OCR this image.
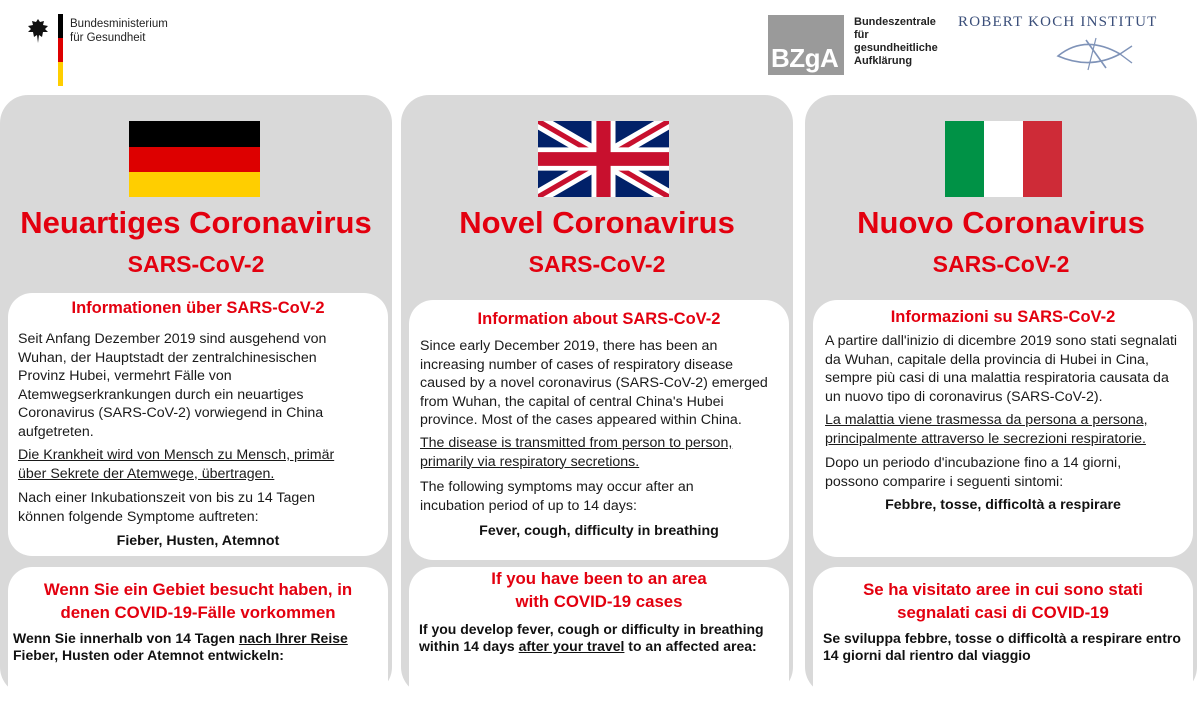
Bundesministerium
für Gesundheit
BZgA
Bundeszentrale
für
gesundheitliche
Aufklärung
ROBERT KOCH INSTITUT
Neuartiges Coronavirus
SARS-CoV-2
Informationen über SARS-CoV-2

Seit Anfang Dezember 2019 sind ausgehend von Wuhan, der Hauptstadt der zentralchinesischen Provinz Hubei, vermehrt Fälle von Atemwegserkrankungen durch ein neuartiges Coronavirus (SARS-CoV-2) vorwiegend in China aufgetreten.

Die Krankheit wird von Mensch zu Mensch, primär über Sekrete der Atemwege, übertragen.

Nach einer Inkubationszeit von bis zu 14 Tagen können folgende Symptome auftreten:

Fieber, Husten, Atemnot
Wenn Sie ein Gebiet besucht haben, in denen COVID-19-Fälle vorkommen

Wenn Sie innerhalb von 14 Tagen nach Ihrer Reise Fieber, Husten oder Atemnot entwickeln:

Novel Coronavirus
SARS-CoV-2
Information about SARS-CoV-2

Since early December 2019, there has been an increasing number of cases of respiratory disease caused by a novel coronavirus (SARS-CoV-2) emerged from Wuhan, the capital of central China's Hubei province. Most of the cases appeared within China.

The disease is transmitted from person to person, primarily via respiratory secretions.

The following symptoms may occur after an incubation period of up to 14 days:

Fever, cough, difficulty in breathing
If you have been to an area with COVID-19 cases

If you develop fever, cough or difficulty in breathing within 14 days after your travel to an affected area:

Nuovo Coronavirus
SARS-CoV-2
Informazioni su SARS-CoV-2

A partire dall'inizio di dicembre 2019 sono stati segnalati da Wuhan, capitale della provincia di Hubei in Cina, sempre più casi di una malattia respiratoria causata da un nuovo tipo di coronavirus (SARS-CoV-2).

La malattia viene trasmessa da persona a persona, principalmente attraverso le secrezioni respiratorie.

Dopo un periodo d'incubazione fino a 14 giorni, possono comparire i seguenti sintomi:

Febbre, tosse, difficoltà a respirare
Se ha visitato aree in cui sono stati segnalati casi di COVID-19

Se sviluppa febbre, tosse o difficoltà a respirare entro 14 giorni dal rientro dal viaggio
